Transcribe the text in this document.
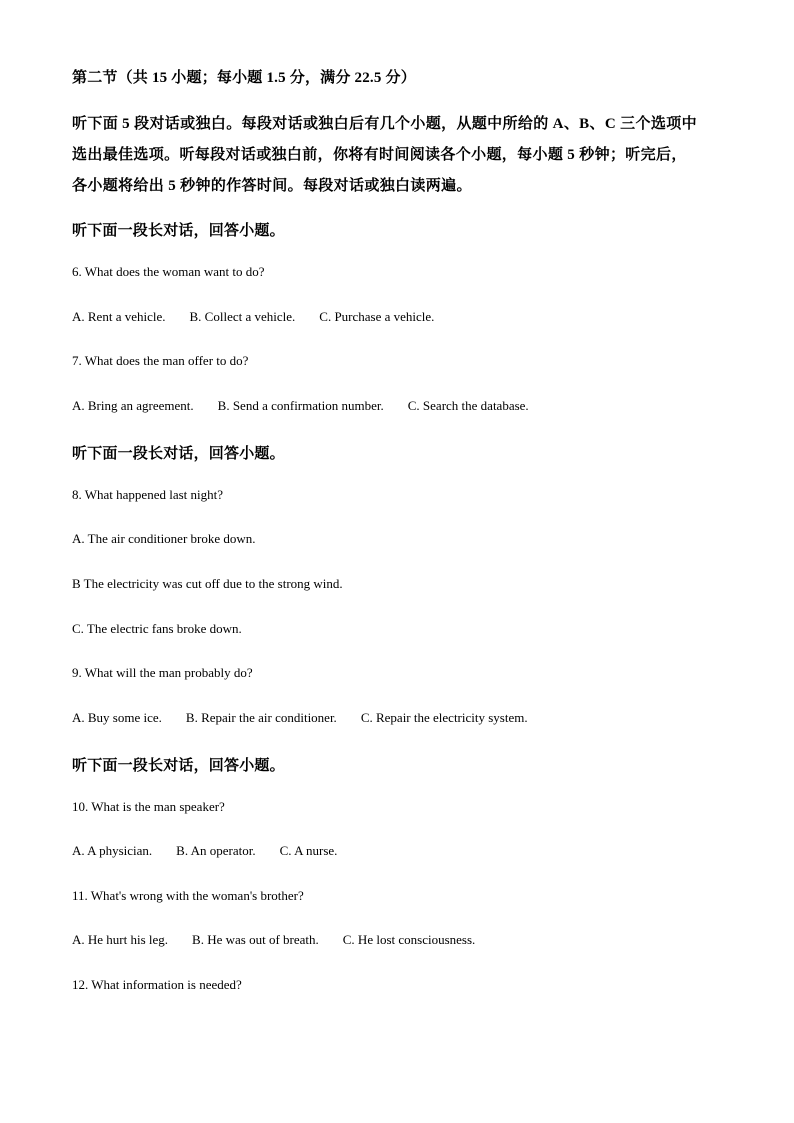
第二节（共 15 小题；每小题 1.5 分，满分 22.5 分）
听下面 5 段对话或独白。每段对话或独白后有几个小题，从题中所给的 A、B、C 三个选项中
选出最佳选项。听每段对话或独白前，你将有时间阅读各个小题，每小题 5 秒钟；听完后，
各小题将给出 5 秒钟的作答时间。每段对话或独白读两遍。
听下面一段长对话，回答小题。
6. What does the woman want to do?
A. Rent a vehicle. B. Collect a vehicle. C. Purchase a vehicle.
7. What does the man offer to do?
A. Bring an agreement. B. Send a confirmation number. C. Search the database.
听下面一段长对话，回答小题。
8. What happened last night?
A. The air conditioner broke down.
B The electricity was cut off due to the strong wind.
C. The electric fans broke down.
9. What will the man probably do?
A. Buy some ice. B. Repair the air conditioner. C. Repair the electricity system.
听下面一段长对话，回答小题。
10. What is the man speaker?
A. A physician. B. An operator. C. A nurse.
11. What's wrong with the woman's brother?
A. He hurt his leg. B. He was out of breath. C. He lost consciousness.
12. What information is needed?
